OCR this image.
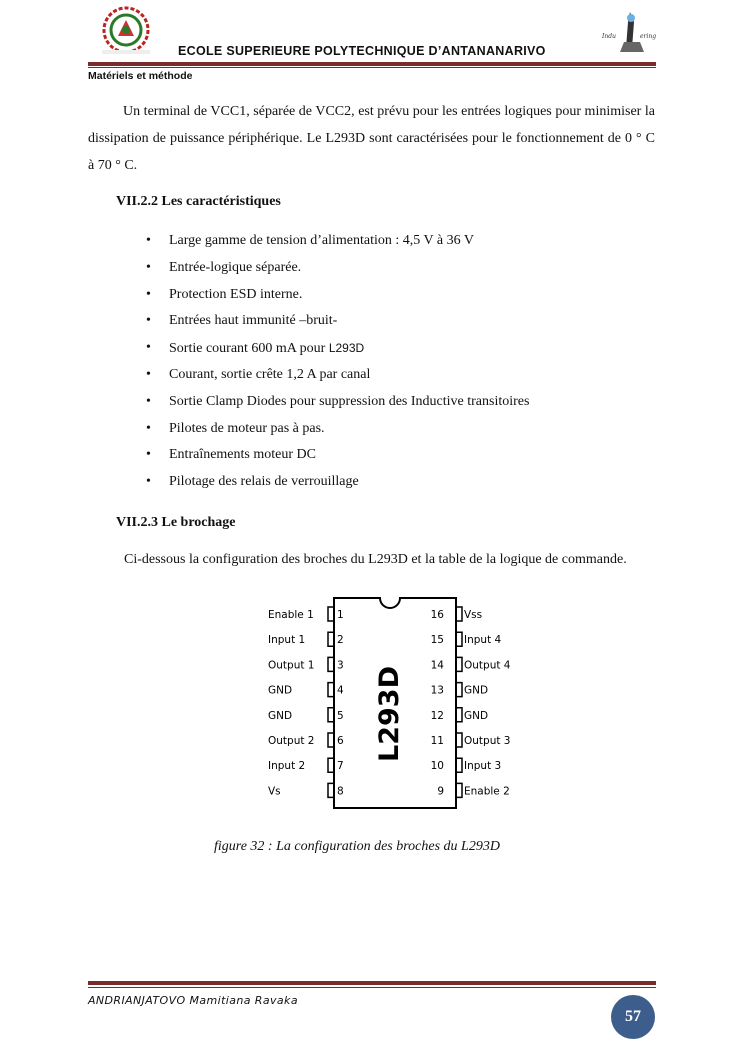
Indu	ering
ECOLE SUPERIEURE POLYTECHNIQUE D’ANTANANARIVO
Matériels et méthode
Un terminal de VCC1, séparée de VCC2, est prévu pour les entrées logiques pour minimiser la dissipation de puissance périphérique. Le L293D sont caractérisées pour le fonctionnement de 0 ° C à 70 ° C.
VII.2.2 Les caractéristiques
• Large gamme de tension d’alimentation : 4,5 V à 36 V
• Entrée-logique séparée.
• Protection ESD interne.
• Entrées haut immunité –bruit-
• Sortie courant 600 mA pour L293D
• Courant, sortie crête 1,2 A par canal
• Sortie Clamp Diodes pour suppression des Inductive transitoires
• Pilotes de moteur pas à pas.
• Entraînements moteur DC
• Pilotage des relais de verrouillage
VII.2.3 Le brochage
Ci-dessous la configuration des broches du L293D et la table de la logique de commande.
L293D
Enable 1 1
Input 1	2
Output 1 3
GND	4
GND	5
Output 2 6
Input 2	7
Vs	8
16 Vss
15 Input 4
14 Output 4
13 GND
12 GND
11 Output 3
10 Input 3
9 Enable 2
figure 32 : La configuration des broches du L293D
ANDRIANJATOVO Mamitiana Ravaka
57
